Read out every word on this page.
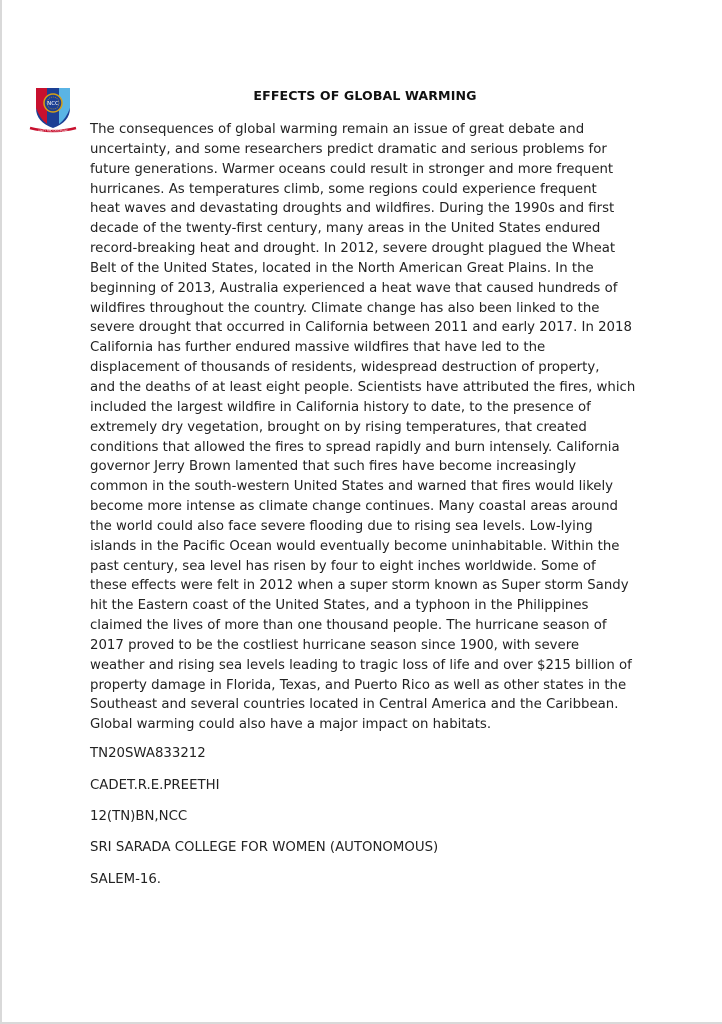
NCC
UNITY AND DISCIPLINE
EFFECTS OF GLOBAL WARMING
The consequences of global warming remain an issue of great debate and
uncertainty, and some researchers predict dramatic and serious problems for
future generations. Warmer oceans could result in stronger and more frequent
hurricanes. As temperatures climb, some regions could experience frequent
heat waves and devastating droughts and wildfires. During the 1990s and first
decade of the twenty-first century, many areas in the United States endured
record-breaking heat and drought. In 2012, severe drought plagued the Wheat
Belt of the United States, located in the North American Great Plains. In the
beginning of 2013, Australia experienced a heat wave that caused hundreds of
wildfires throughout the country. Climate change has also been linked to the
severe drought that occurred in California between 2011 and early 2017. In 2018
California has further endured massive wildfires that have led to the
displacement of thousands of residents, widespread destruction of property,
and the deaths of at least eight people. Scientists have attributed the fires, which
included the largest wildfire in California history to date, to the presence of
extremely dry vegetation, brought on by rising temperatures, that created
conditions that allowed the fires to spread rapidly and burn intensely. California
governor Jerry Brown lamented that such fires have become increasingly
common in the south-western United States and warned that fires would likely
become more intense as climate change continues. Many coastal areas around
the world could also face severe flooding due to rising sea levels. Low-lying
islands in the Pacific Ocean would eventually become uninhabitable. Within the
past century, sea level has risen by four to eight inches worldwide. Some of
these effects were felt in 2012 when a super storm known as Super storm Sandy
hit the Eastern coast of the United States, and a typhoon in the Philippines
claimed the lives of more than one thousand people. The hurricane season of
2017 proved to be the costliest hurricane season since 1900, with severe
weather and rising sea levels leading to tragic loss of life and over $215 billion of
property damage in Florida, Texas, and Puerto Rico as well as other states in the
Southeast and several countries located in Central America and the Caribbean.
Global warming could also have a major impact on habitats.
TN20SWA833212
CADET.R.E.PREETHI
12(TN)BN,NCC
SRI SARADA COLLEGE FOR WOMEN (AUTONOMOUS)
SALEM-16.
